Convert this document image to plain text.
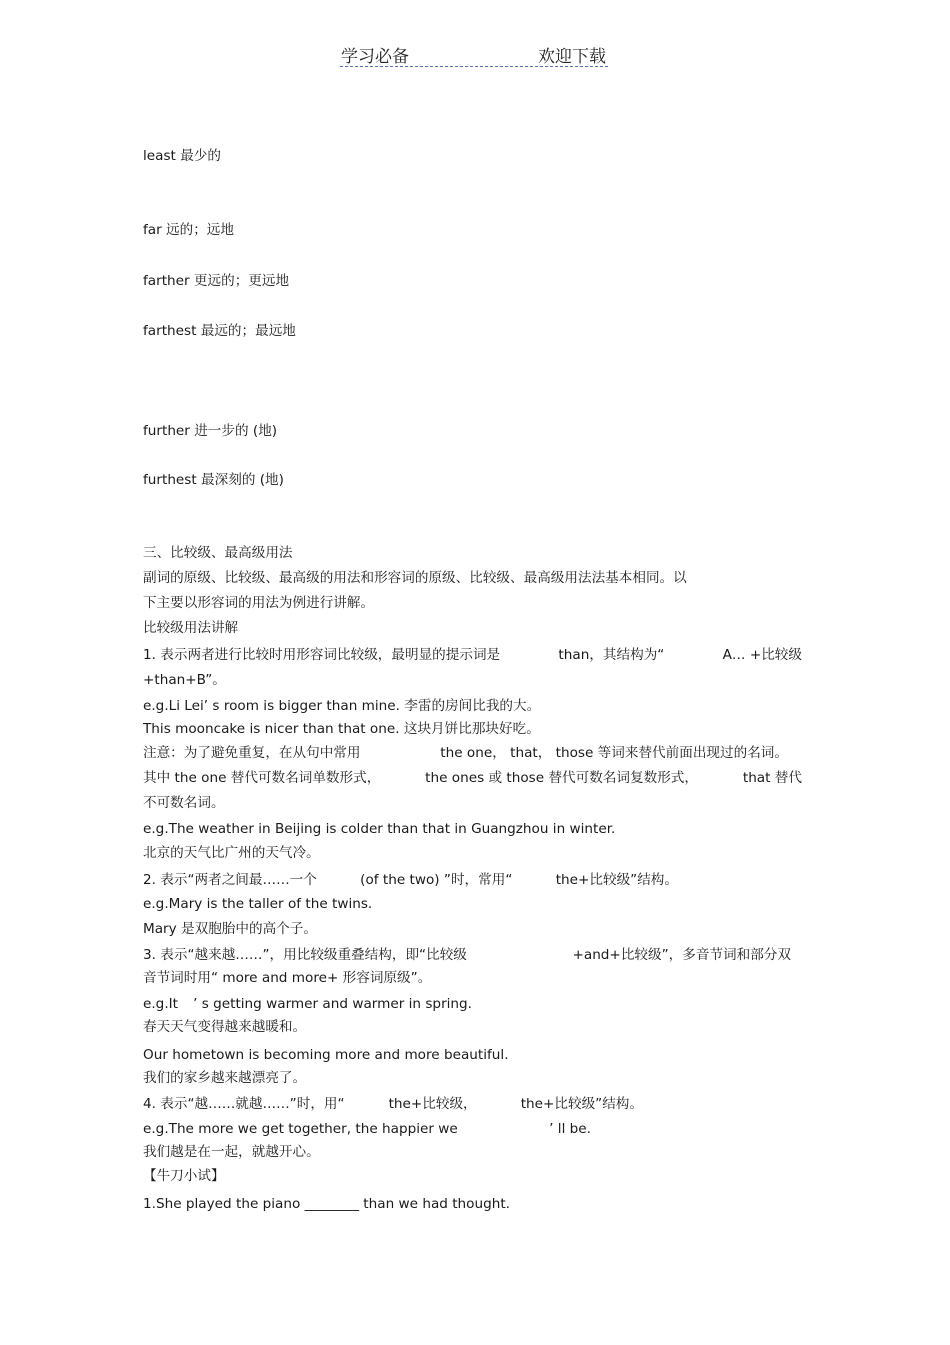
学习必备	欢迎下载
least 最少的
far 远的；远地
farther 更远的；更远地
farthest 最远的；最远地
further 进一步的 (地)
furthest 最深刻的 (地)
三、比较级、最高级用法
副词的原级、比较级、最高级的用法和形容词的原级、比较级、最高级用法法基本相同。以
下主要以形容词的用法为例进行讲解。
比较级用法讲解
1. 表示两者进行比较时用形容词比较级，最明显的提示词是	than，其结构为“	A… +比较级
+than+B”。
e.g.Li Lei’ s room is bigger than mine. 李雷的房间比我的大。
This mooncake is nicer than that one. 这块月饼比那块好吃。
注意：为了避免重复，在从句中常用	the one， that， those 等词来替代前面出现过的名词。
其中 the one 替代可数名词单数形式，	the ones 或 those 替代可数名词复数形式，	that 替代
不可数名词。
e.g.The weather in Beijing is colder than that in Guangzhou in winter.
北京的天气比广州的天气冷。
2. 表示“两者之间最……一个	(of the two) ”时，常用“	the+比较级”结构。
e.g.Mary is the taller of the twins.
Mary 是双胞胎中的高个子。
3. 表示“越来越……”，用比较级重叠结构，即“比较级	+and+比较级”，多音节词和部分双
音节词时用“ more and more+ 形容词原级”。
e.g.It ’ s getting warmer and warmer in spring.
春天天气变得越来越暖和。
Our hometown is becoming more and more beautiful.
我们的家乡越来越漂亮了。
4. 表示“越……就越……”时，用“	the+比较级，	the+比较级”结构。
e.g.The more we get together, the happier we	’ ll be.
我们越是在一起，就越开心。
【牛刀小试】
1.She played the piano ________ than we had thought.
